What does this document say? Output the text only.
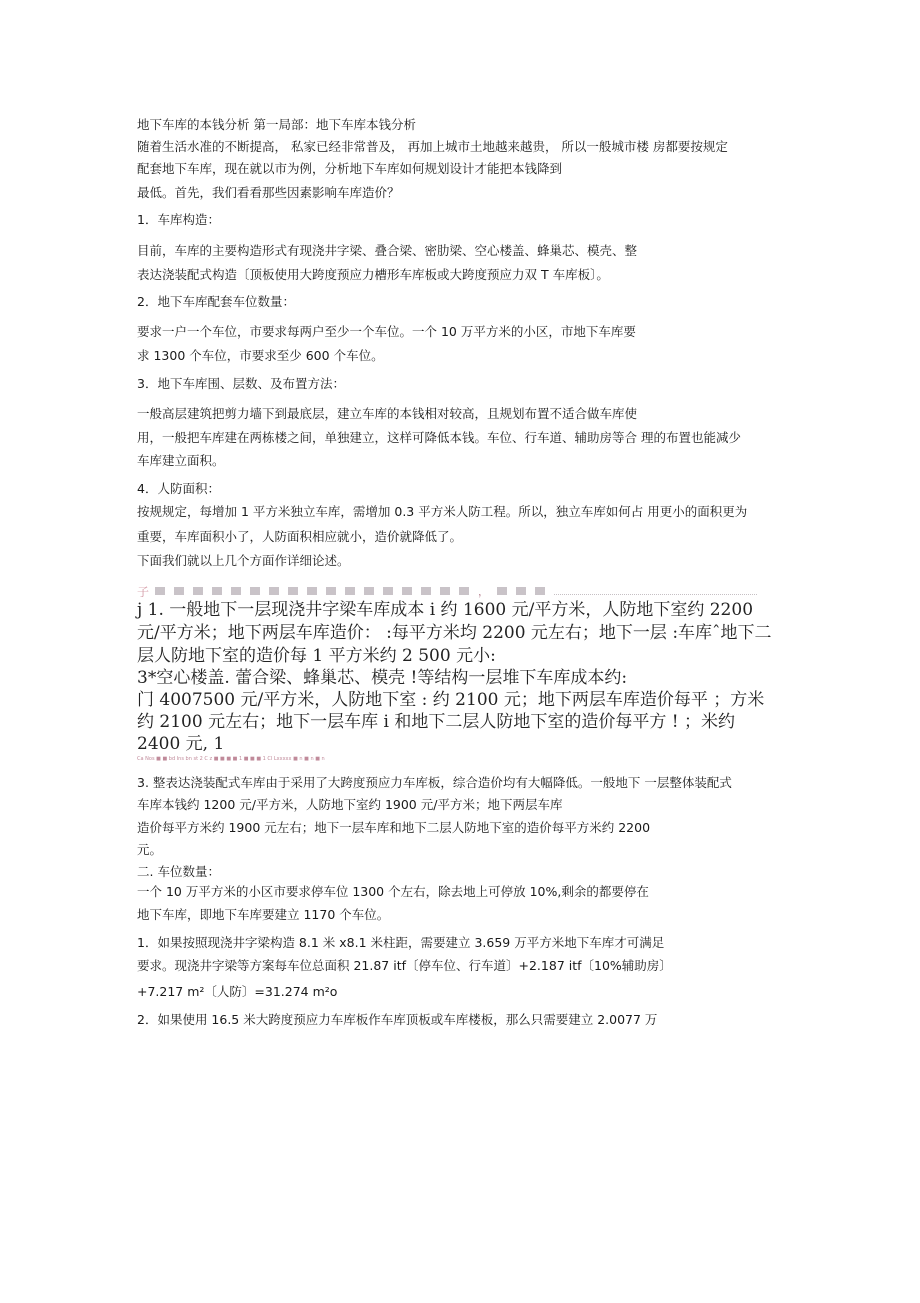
地下车库的本钱分析 第一局部：地下车库本钱分析
随着生活水准的不断提高， 私家已经非常普及， 再加上城市土地越来越贵， 所以一般城市楼 房都要按规定
配套地下车库，现在就以市为例，分析地下车库如何规划设计才能把本钱降到
最低。首先，我们看看那些因素影响车库造价？
1．车库构造：
目前，车库的主要构造形式有现浇井字梁、叠合梁、密肋梁、空心楼盖、蜂巢芯、模壳、整
表达浇装配式构造〔顶板使用大跨度预应力槽形车库板或大跨度预应力双 T 车库板〕。
2．地下车库配套车位数量：
要求一户一个车位，市要求每两户至少一个车位。一个 10 万平方米的小区，市地下车库要
求 1300 个车位，市要求至少 600 个车位。
3．地下车库围、层数、及布置方法：
一般高层建筑把剪力墙下到最底层，建立车库的本钱相对较高，且规划布置不适合做车库使
用，一般把车库建在两栋楼之间，单独建立，这样可降低本钱。车位、行车道、辅助房等合 理的布置也能减少
车库建立面积。
4．人防面积：
按规规定，每增加 1 平方米独立车库，需增加 0.3 平方米人防工程。所以，独立车库如何占 用更小的面积更为
重要，车库面积小了，人防面积相应就小，造价就降低了。
下面我们就以上几个方面作详细论述。
子	，
j 1. 一般地下一层现浇井字梁车库成本 i 约 1600 元/平方米，人防地下室约 2200
元/平方米；地下两层车库造价： :每平方米均 2200 元左右；地下一层 :车库ˆ地下二
层人防地下室的造价每 1 平方米约 2 500 元小:
3*空心楼盖. 蕾合梁、蜂巢芯、模壳 !等结构一层堆下车库成本约:
门 4007500 元/平方米，人防地下室 : 约 2100 元；地下两层车库造价每平 ；方米
约 2100 元左右；地下一层车库 i 和地下二层人防地下室的造价每平方 ! ；米约
2400 元, 1
Ca Nos ■ ■ bd Ins bn st 2 C z ■ ■ ■ ■ 1 ■ ■ ■ 1 Cl Lxxxxx ■ n ■ n ■ n
3. 整表达浇装配式车库由于采用了大跨度预应力车库板，综合造价均有大幅降低。一般地下 一层整体装配式
车库本钱约 1200 元/平方米，人防地下室约 1900 元/平方米；地下两层车库
造价每平方米约 1900 元左右；地下一层车库和地下二层人防地下室的造价每平方米约 2200
元。
二. 车位数量：
一个 10 万平方米的小区市要求停车位 1300 个左右，除去地上可停放 10%,剩余的都要停在
地下车库，即地下车库要建立 1170 个车位。
1．如果按照现浇井字梁构造 8.1 米 x8.1 米柱距，需要建立 3.659 万平方米地下车库才可满足
要求。现浇井字梁等方案每车位总面积 21.87 itf〔停车位、行车道〕+2.187 itf〔10%辅助房〕
+7.217 m²〔人防〕=31.274 m²o
2．如果使用 16.5 米大跨度预应力车库板作车库顶板或车库楼板，那么只需要建立 2.0077 万
